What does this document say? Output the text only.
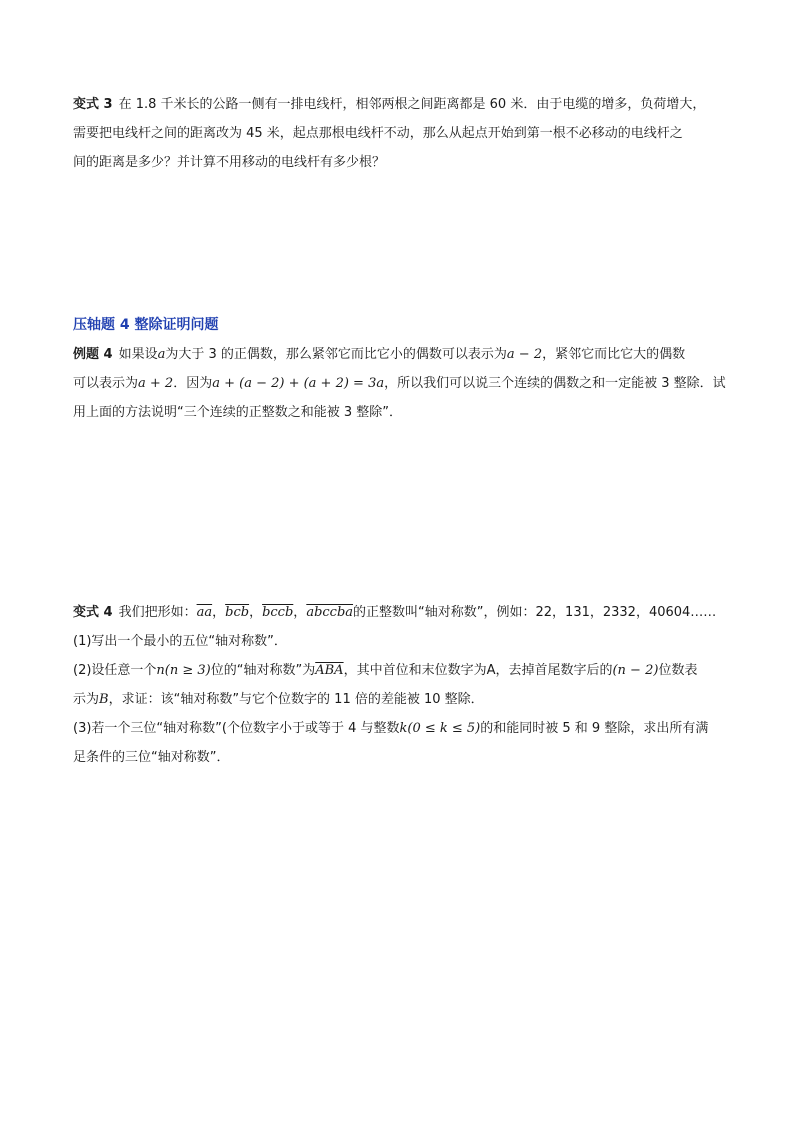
变式 3 在 1.8 千米长的公路一侧有一排电线杆，相邻两根之间距离都是 60 米．由于电缆的增多，负荷增大，
需要把电线杆之间的距离改为 45 米，起点那根电线杆不动，那么从起点开始到第一根不必移动的电线杆之
间的距离是多少？并计算不用移动的电线杆有多少根？
压轴题 4 整除证明问题
例题 4 如果设a为大于 3 的正偶数，那么紧邻它而比它小的偶数可以表示为a − 2，紧邻它而比它大的偶数
可以表示为a + 2．因为a + (a − 2) + (a + 2) = 3a，所以我们可以说三个连续的偶数之和一定能被 3 整除．试
用上面的方法说明“三个连续的正整数之和能被 3 整除”．
变式 4 我们把形如：$\overline{aa}$，$\overline{bcb}$，bccb，abccba的正整数叫“轴对称数”，例如：22，131，2332，40604……
(1)写出一个最小的五位“轴对称数”．
(2)设任意一个n(n ≥ 3)位的“轴对称数”为$\overline{ABA}$，其中首位和末位数字为A，去掉首尾数字后的(n − 2)位数表
示为B，求证：该“轴对称数”与它个位数字的 11 倍的差能被 10 整除．
(3)若一个三位“轴对称数”(个位数字小于或等于 4 与整数k(0 ≤ k ≤ 5)的和能同时被 5 和 9 整除，求出所有满
足条件的三位“轴对称数”．
